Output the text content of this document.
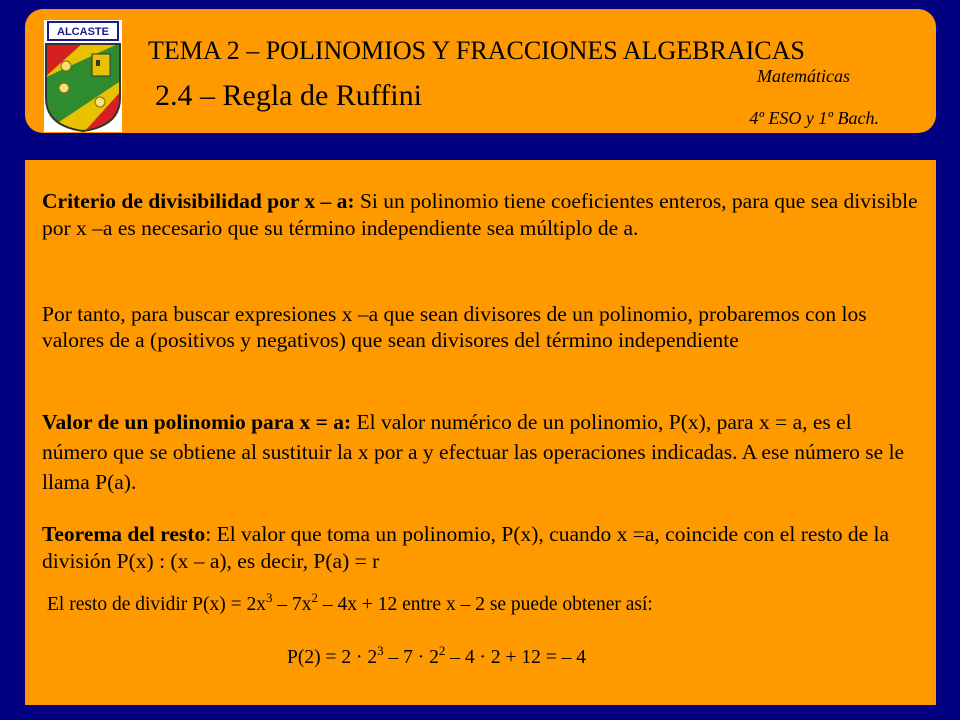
ALCASTE
TEMA 2 – POLINOMIOS Y FRACCIONES ALGEBRAICAS
Matemáticas
2.4 – Regla de Ruffini
4º ESO y 1º Bach.
Criterio de divisibilidad por x – a: Si un polinomio tiene coeficientes enteros, para que sea divisible por x –a es necesario que su término independiente sea múltiplo de a.
Por tanto, para buscar expresiones x –a que sean divisores de un polinomio, probaremos con los valores de a (positivos y negativos) que sean divisores del término independiente
Valor de un polinomio para x = a: El valor numérico de un polinomio, P(x), para x = a, es el número que se obtiene al sustituir la x por a y efectuar las operaciones indicadas. A ese número se le llama P(a).
Teorema del resto: El valor que toma un polinomio, P(x), cuando x =a, coincide con el resto de la división P(x) : (x – a), es decir, P(a) = r
El resto de dividir $P(x) = 2x^3 - 7x^2 - 4x + 12$ entre x – 2 se puede obtener así:
$P(2) = 2 \cdot 2^3 - 7 \cdot 2^2 - 4 \cdot 2 + 12$ = – 4
